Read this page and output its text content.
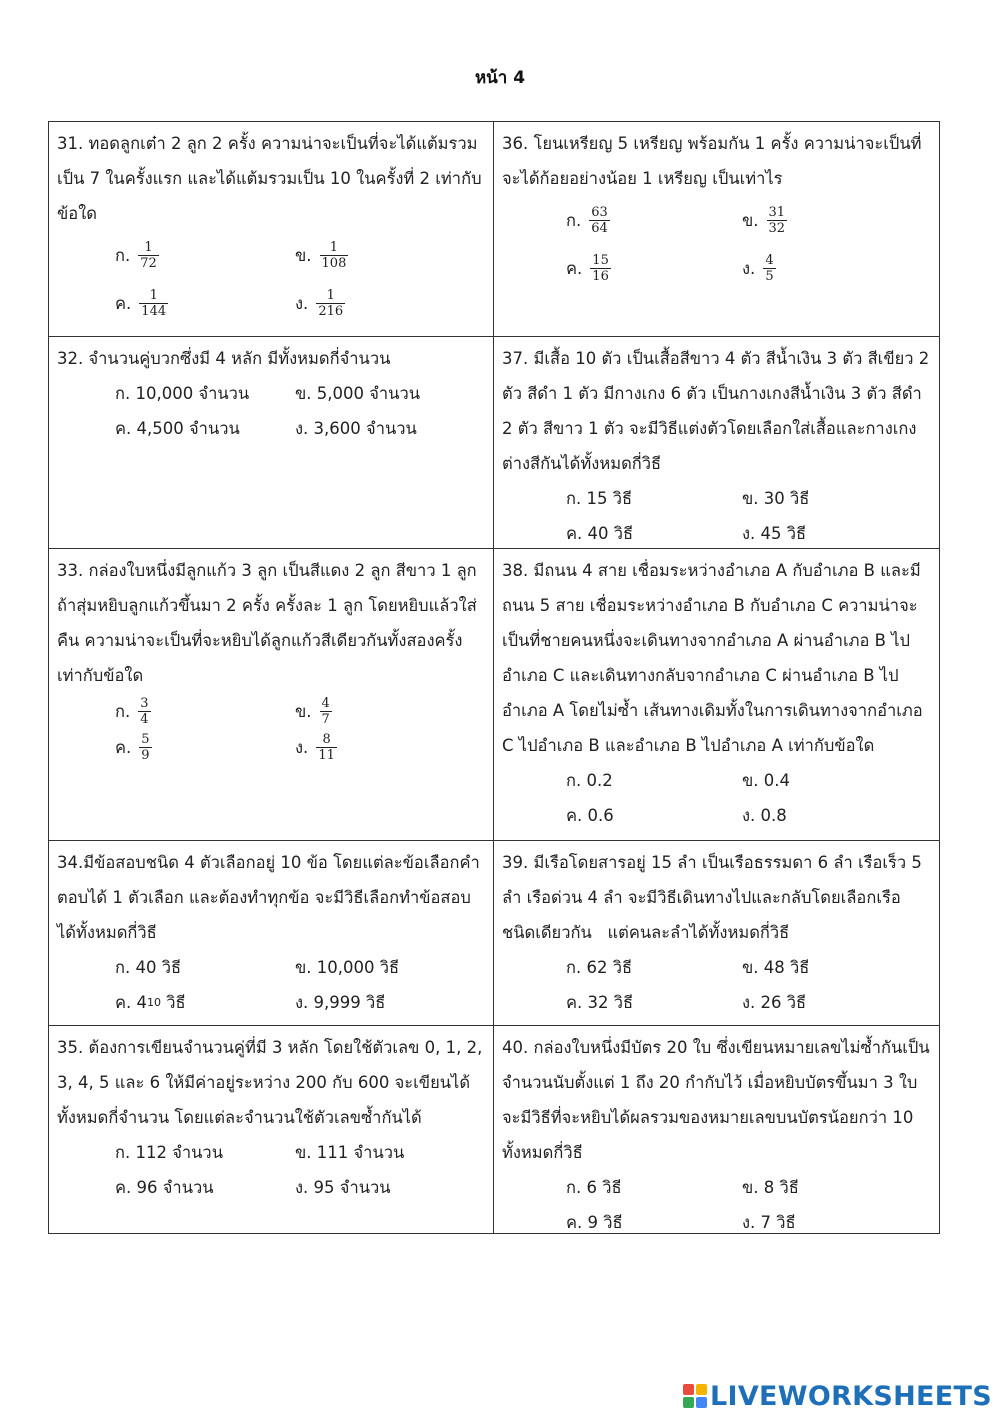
หน้า 4

31. ทอดลูกเต๋า 2 ลูก 2 ครั้ง ความน่าจะเป็นที่จะได้แต้มรวมเป็น 7 ในครั้งแรก และได้แต้มรวมเป็น 10 ในครั้งที่ 2 เท่ากับข้อใด

ก. $\frac{1}{72}$	ข. $\frac{1}{108}$
ค. $\frac{1}{144}$	ง. $\frac{1}{216}$

36. โยนเหรียญ 5 เหรียญ พร้อมกัน 1 ครั้ง ความน่าจะเป็นที่จะได้ก้อยอย่างน้อย 1 เหรียญ เป็นเท่าไร

ก. $\frac{63}{64}$	ข. $\frac{31}{32}$
ค. $\frac{15}{16}$	ง. $\frac{4}{5}$

32. จำนวนคู่บวกซึ่งมี 4 หลัก มีทั้งหมดกี่จำนวน

ก. 10,000 จำนวน	ข. 5,000 จำนวน
ค. 4,500 จำนวน	ง. 3,600 จำนวน

37. มีเสื้อ 10 ตัว เป็นเสื้อสีขาว 4 ตัว สีน้ำเงิน 3 ตัว สีเขียว 2 ตัว สีดำ 1 ตัว มีกางเกง 6 ตัว เป็นกางเกงสีน้ำเงิน 3 ตัว สีดำ 2 ตัว สีขาว 1 ตัว จะมีวิธีแต่งตัวโดยเลือกใส่เสื้อและกางเกงต่างสีกันได้ทั้งหมดกี่วิธี

ก. 15 วิธี	ข. 30 วิธี
ค. 40 วิธี	ง. 45 วิธี

33. กล่องใบหนึ่งมีลูกแก้ว 3 ลูก เป็นสีแดง 2 ลูก สีขาว 1 ลูก ถ้าสุ่มหยิบลูกแก้วขึ้นมา 2 ครั้ง ครั้งละ 1 ลูก โดยหยิบแล้วใส่คืน ความน่าจะเป็นที่จะหยิบได้ลูกแก้วสีเดียวกันทั้งสองครั้งเท่ากับข้อใด

ก. $\frac{3}{4}$	ข. $\frac{4}{7}$
ค. $\frac{5}{9}$	ง. $\frac{8}{11}$

38. มีถนน 4 สาย เชื่อมระหว่างอำเภอ A กับอำเภอ B และมีถนน 5 สาย เชื่อมระหว่างอำเภอ B กับอำเภอ C ความน่าจะเป็นที่ชายคนหนึ่งจะเดินทางจากอำเภอ A ผ่านอำเภอ B ไปอำเภอ C และเดินทางกลับจากอำเภอ C ผ่านอำเภอ B ไปอำเภอ A โดยไม่ซ้ำ เส้นทางเดิมทั้งในการเดินทางจากอำเภอ C ไปอำเภอ B และอำเภอ B ไปอำเภอ A เท่ากับข้อใด

ก. 0.2	ข. 0.4
ค. 0.6	ง. 0.8

34.มีข้อสอบชนิด 4 ตัวเลือกอยู่ 10 ข้อ โดยแต่ละข้อเลือกคำตอบได้ 1 ตัวเลือก และต้องทำทุกข้อ จะมีวิธีเลือกทำข้อสอบได้ทั้งหมดกี่วิธี

ก. 40 วิธี	ข. 10,000 วิธี
ค. 4 10 วิธี	ง. 9,999 วิธี

39. มีเรือโดยสารอยู่ 15 ลำ เป็นเรือธรรมดา 6 ลำ เรือเร็ว 5 ลำ เรือด่วน 4 ลำ จะมีวิธีเดินทางไปและกลับโดยเลือกเรือชนิดเดียวกัน   แต่คนละลำได้ทั้งหมดกี่วิธี

ก. 62 วิธี	ข. 48 วิธี
ค. 32 วิธี	ง. 26 วิธี

35. ต้องการเขียนจำนวนคู่ที่มี 3 หลัก โดยใช้ตัวเลข 0, 1, 2, 3, 4, 5 และ 6 ให้มีค่าอยู่ระหว่าง 200 กับ 600 จะเขียนได้ทั้งหมดกี่จำนวน โดยแต่ละจำนวนใช้ตัวเลขซ้ำกันได้

ก. 112 จำนวน	ข. 111 จำนวน
ค. 96 จำนวน	ง. 95 จำนวน

40. กล่องใบหนึ่งมีบัตร 20 ใบ ซึ่งเขียนหมายเลขไม่ซ้ำกันเป็นจำนวนนับตั้งแต่ 1 ถึง 20 กำกับไว้ เมื่อหยิบบัตรขึ้นมา 3 ใบ จะมีวิธีที่จะหยิบได้ผลรวมของหมายเลขบนบัตรน้อยกว่า 10 ทั้งหมดกี่วิธี

ก. 6 วิธี	ข. 8 วิธี
ค. 9 วิธี	ง. 7 วิธี
LIVEWORKSHEETS
